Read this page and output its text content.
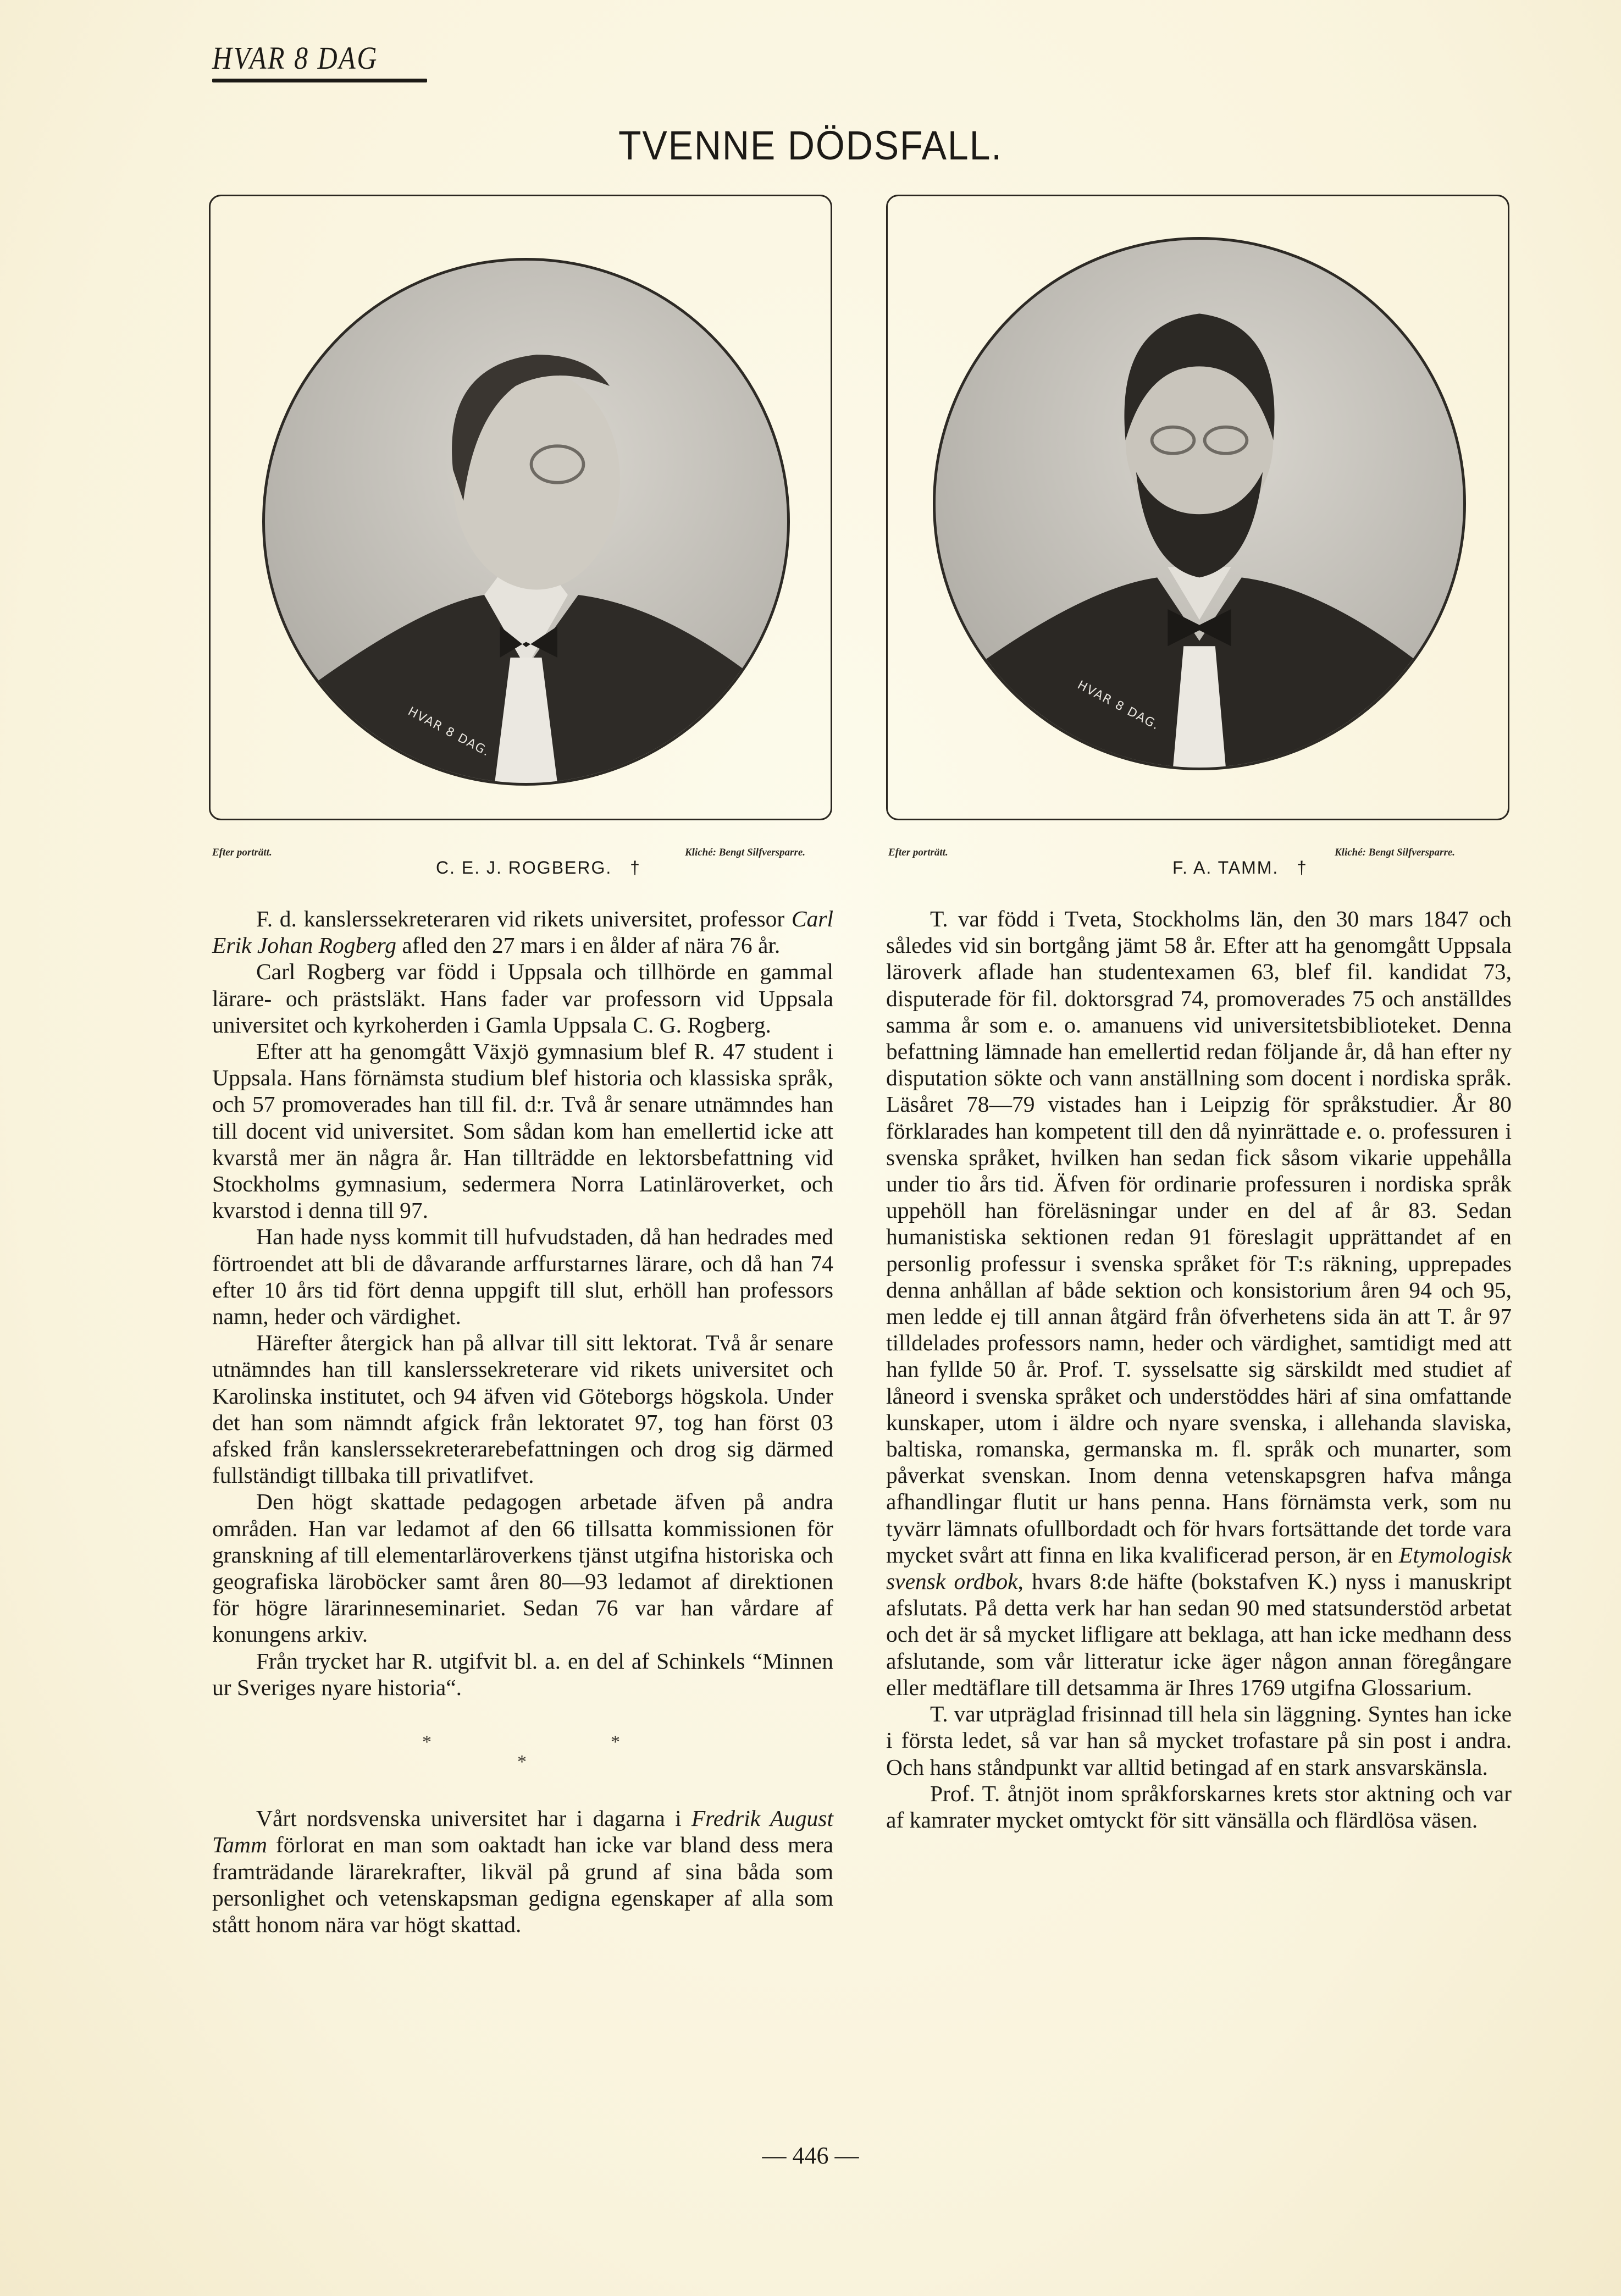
HVAR 8 DAG
TVENNE DÖDSFALL.
HVAR 8 DAG.	HVAR 8 DAG.
Efter porträtt.	Kliché: Bengt Silfversparre.
C. E. J. ROGBERG. †
Efter porträtt.	Kliché: Bengt Silfversparre.
F. A. TAMM. †

F. d. kanslerssekreteraren vid rikets universitet, professor Carl Erik Johan Rogberg afled den 27 mars i en ålder af nära 76 år.

Carl Rogberg var född i Uppsala och tillhörde en gammal lärare- och prästsläkt. Hans fader var professorn vid Uppsala universitet och kyrkoherden i Gamla Uppsala C. G. Rogberg.

Efter att ha genomgått Växjö gymnasium blef R. 47 student i Uppsala. Hans förnämsta studium blef historia och klassiska språk, och 57 promoverades han till fil. d:r. Två år senare utnämndes han till docent vid universitet. Som sådan kom han emellertid icke att kvarstå mer än några år. Han tillträdde en lektorsbefattning vid Stockholms gymnasium, sedermera Norra Latinläroverket, och kvarstod i denna till 97.

Han hade nyss kommit till hufvudstaden, då han hedrades med förtroendet att bli de dåvarande arffurstarnes lärare, och då han 74 efter 10 års tid fört denna uppgift till slut, erhöll han professors namn, heder och värdighet.

Härefter återgick han på allvar till sitt lektorat. Två år senare utnämndes han till kanslerssekreterare vid rikets universitet och Karolinska institutet, och 94 äfven vid Göteborgs högskola. Under det han som nämndt afgick från lektoratet 97, tog han först 03 afsked från kanslerssekreterarebefattningen och drog sig därmed fullständigt tillbaka till privatlifvet.

Den högt skattade pedagogen arbetade äfven på andra områden. Han var ledamot af den 66 tillsatta kommissionen för granskning af till elementarläroverkens tjänst utgifna historiska och geografiska läroböcker samt åren 80—93 ledamot af direktionen för högre lärarinneseminariet. Sedan 76 var han vårdare af konungens arkiv.

Från trycket har R. utgifvit bl. a. en del af Schinkels “Minnen ur Sveriges nyare historia“.

*
*
*

Vårt nordsvenska universitet har i dagarna i Fredrik August Tamm förlorat en man som oaktadt han icke var bland dess mera framträdande lärarekrafter, likväl på grund af sina båda som personlighet och vetenskapsman gedigna egenskaper af alla som stått honom nära var högt skattad.

T. var född i Tveta, Stockholms län, den 30 mars 1847 och således vid sin bortgång jämt 58 år. Efter att ha genomgått Uppsala läroverk aflade han studentexamen 63, blef fil. kandidat 73, disputerade för fil. doktorsgrad 74, promoverades 75 och anställdes samma år som e. o. amanuens vid universitetsbiblioteket. Denna befattning lämnade han emellertid redan följande år, då han efter ny disputation sökte och vann anställning som docent i nordiska språk. Läsåret 78—79 vistades han i Leipzig för språkstudier. År 80 förklarades han kompetent till den då nyinrättade e. o. professuren i svenska språket, hvilken han sedan fick såsom vikarie uppehålla under tio års tid. Äfven för ordinarie professuren i nordiska språk uppehöll han föreläsningar under en del af år 83. Sedan humanistiska sektionen redan 91 föreslagit upprättandet af en personlig professur i svenska språket för T:s räkning, upprepades denna anhållan af både sektion och konsistorium åren 94 och 95, men ledde ej till annan åtgärd från öfverhetens sida än att T. år 97 tilldelades professors namn, heder och värdighet, samtidigt med att han fyllde 50 år. Prof. T. sysselsatte sig särskildt med studiet af låneord i svenska språket och understöddes häri af sina omfattande kunskaper, utom i äldre och nyare svenska, i allehanda slaviska, baltiska, romanska, germanska m. fl. språk och munarter, som påverkat svenskan. Inom denna vetenskapsgren hafva många afhandlingar flutit ur hans penna. Hans förnämsta verk, som nu tyvärr lämnats ofullbordadt och för hvars fortsättande det torde vara mycket svårt att finna en lika kvalificerad person, är en Etymologisk svensk ordbok, hvars 8:de häfte (bokstafven K.) nyss i manuskript afslutats. På detta verk har han sedan 90 med statsunderstöd arbetat och det är så mycket lifligare att beklaga, att han icke medhann dess afslutande, som vår litteratur icke äger någon annan föregångare eller medtäflare till detsamma är Ihres 1769 utgifna Glossarium.

T. var utpräglad frisinnad till hela sin läggning. Syntes han icke i första ledet, så var han så mycket trofastare på sin post i andra. Och hans ståndpunkt var alltid betingad af en stark ansvarskänsla.

Prof. T. åtnjöt inom språkforskarnes krets stor aktning och var af kamrater mycket omtyckt för sitt vänsälla och flärdlösa väsen.

— 446 —
